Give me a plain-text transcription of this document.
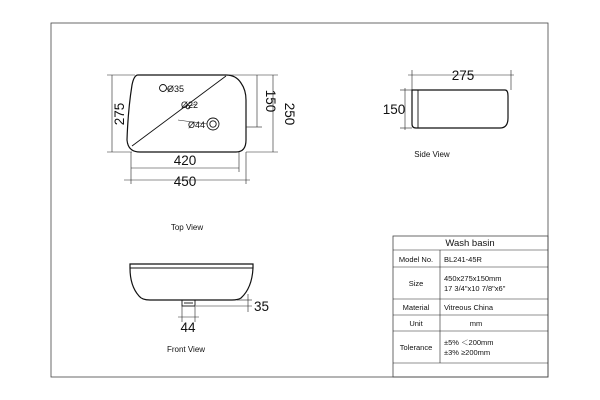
Ø35
Ø22
Ø44
275
150
250
420
450
Top View
275
150
Side View
35
44
Front View
Wash basin
Model No. BL241-45R
Size
450x275x150mm
17 3/4"x10 7/8"x6"
Material Vitreous China
Unit	mm
Tolerance
±5% ＜200mm
±3% ≥200mm
